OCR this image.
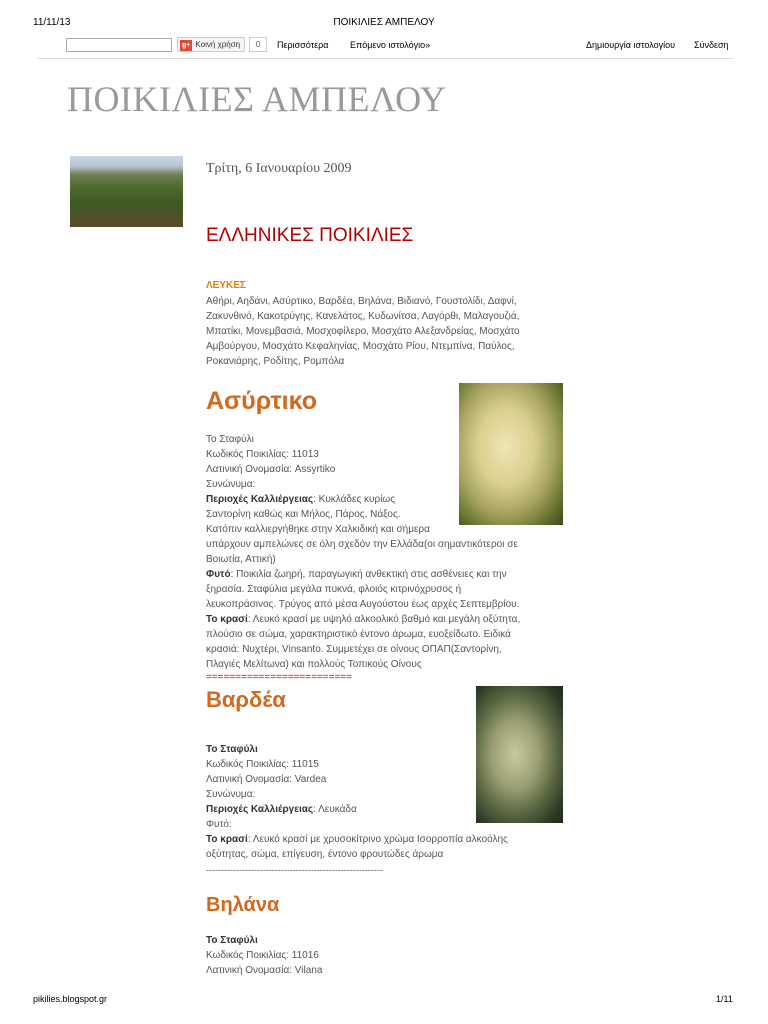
11/11/13	ΠΟΙΚΙΛΙΕΣ ΑΜΠΕΛΟΥ
g+ Κοινή χρήση	0	Περισσότερα Επόμενο ιστολόγιο»	Δημιουργία ιστολογίου Σύνδεση
ΠΟΙΚΙΛΙΕΣ ΑΜΠΕΛΟΥ
Τρίτη, 6 Ιανουαρίου 2009
ΕΛΛΗΝΙΚΕΣ ΠΟΙΚΙΛΙΕΣ
ΛΕΥΚΕΣ
Αθήρι, Αηδάνι, Ασύρτικο, Βαρδέα, Βηλάνα, Βιδιανό, Γουστολίδι, Δαφνί,
Ζακυνθινό, Κακοτρύγης, Κανελάτος, Κυδωνίτσα, Λαγόρθι, Μαλαγουζιά,
Μπατίκι, Μονεμβασιά, Μοσχοφίλερο, Μοσχάτο Αλεξανδρείας, Μοσχάτο
Αμβούργου, Μοσχάτο Κεφαληνίας, Μοσχάτο Ρίου, Ντεμπίνα, Παύλος,
Ροκανιάρης, Ροδίτης, Ρομπόλα
Ασύρτικο
Το Σταφύλι
Κωδικός Ποικιλίας: 11013
Λατινική Ονομασία: Assyrtiko
Συνώνυμα:
Περιοχές Καλλιέργειας: Κυκλάδες κυρίως
Σαντορίνη καθώς και Μήλος, Πάρος, Νάξος.
Κατόπιν καλλιεργήθηκε στην Χαλκιδική και σήμερα
υπάρχουν αμπελώνες σε όλη σχεδόν την Ελλάδα(οι σημαντικότεροι σε
Βοιωτία, Αττική)
Φυτό: Ποικιλία ζωηρή, παραγωγική ανθεκτική στις ασθένειες και την
ξηρασία. Σταφύλια μεγάλα πυκνά, φλοιός κιτρινόχρυσος ή
λευκοπράσινος. Τρύγος από μέσα Αυγούστου έως αρχές Σεπτεμβρίου.
Το κρασί: Λευκό κρασί με υψηλό αλκοολικό βαθμό και μεγάλη οξύτητα,
πλούσιο σε σώμα, χαρακτηριστικό έντονο άρωμα, ευοξείδωτο. Ειδικά
κρασιά: Νυχτέρι, Vinsanto. Συμμετέχει σε οίνους ΟΠΑΠ(Σαντορίνη,
Πλαγιές Μελίτωνα) και πολλούς Τοπικούς Οίνους
=========================
Βαρδέα
Το Σταφύλι
Κωδικός Ποικιλίας: 11015
Λατινική Ονομασία: Vardea
Συνώνυμα:
Περιοχές Καλλιέργειας: Λευκάδα
Φυτό:
Το κρασί: Λευκό κρασί με χρυσοκίτρινο χρώμα Ισορροπία αλκοόλης
οξύτητας, σώμα, επίγευση, έντονο φρουτώδες άρωμα
-----------------------------------------------------------
Βηλάνα
Το Σταφύλι
Κωδικός Ποικιλίας: 11016
Λατινική Ονομασία: Vilana
pikilies.blogspot.gr	1/11
